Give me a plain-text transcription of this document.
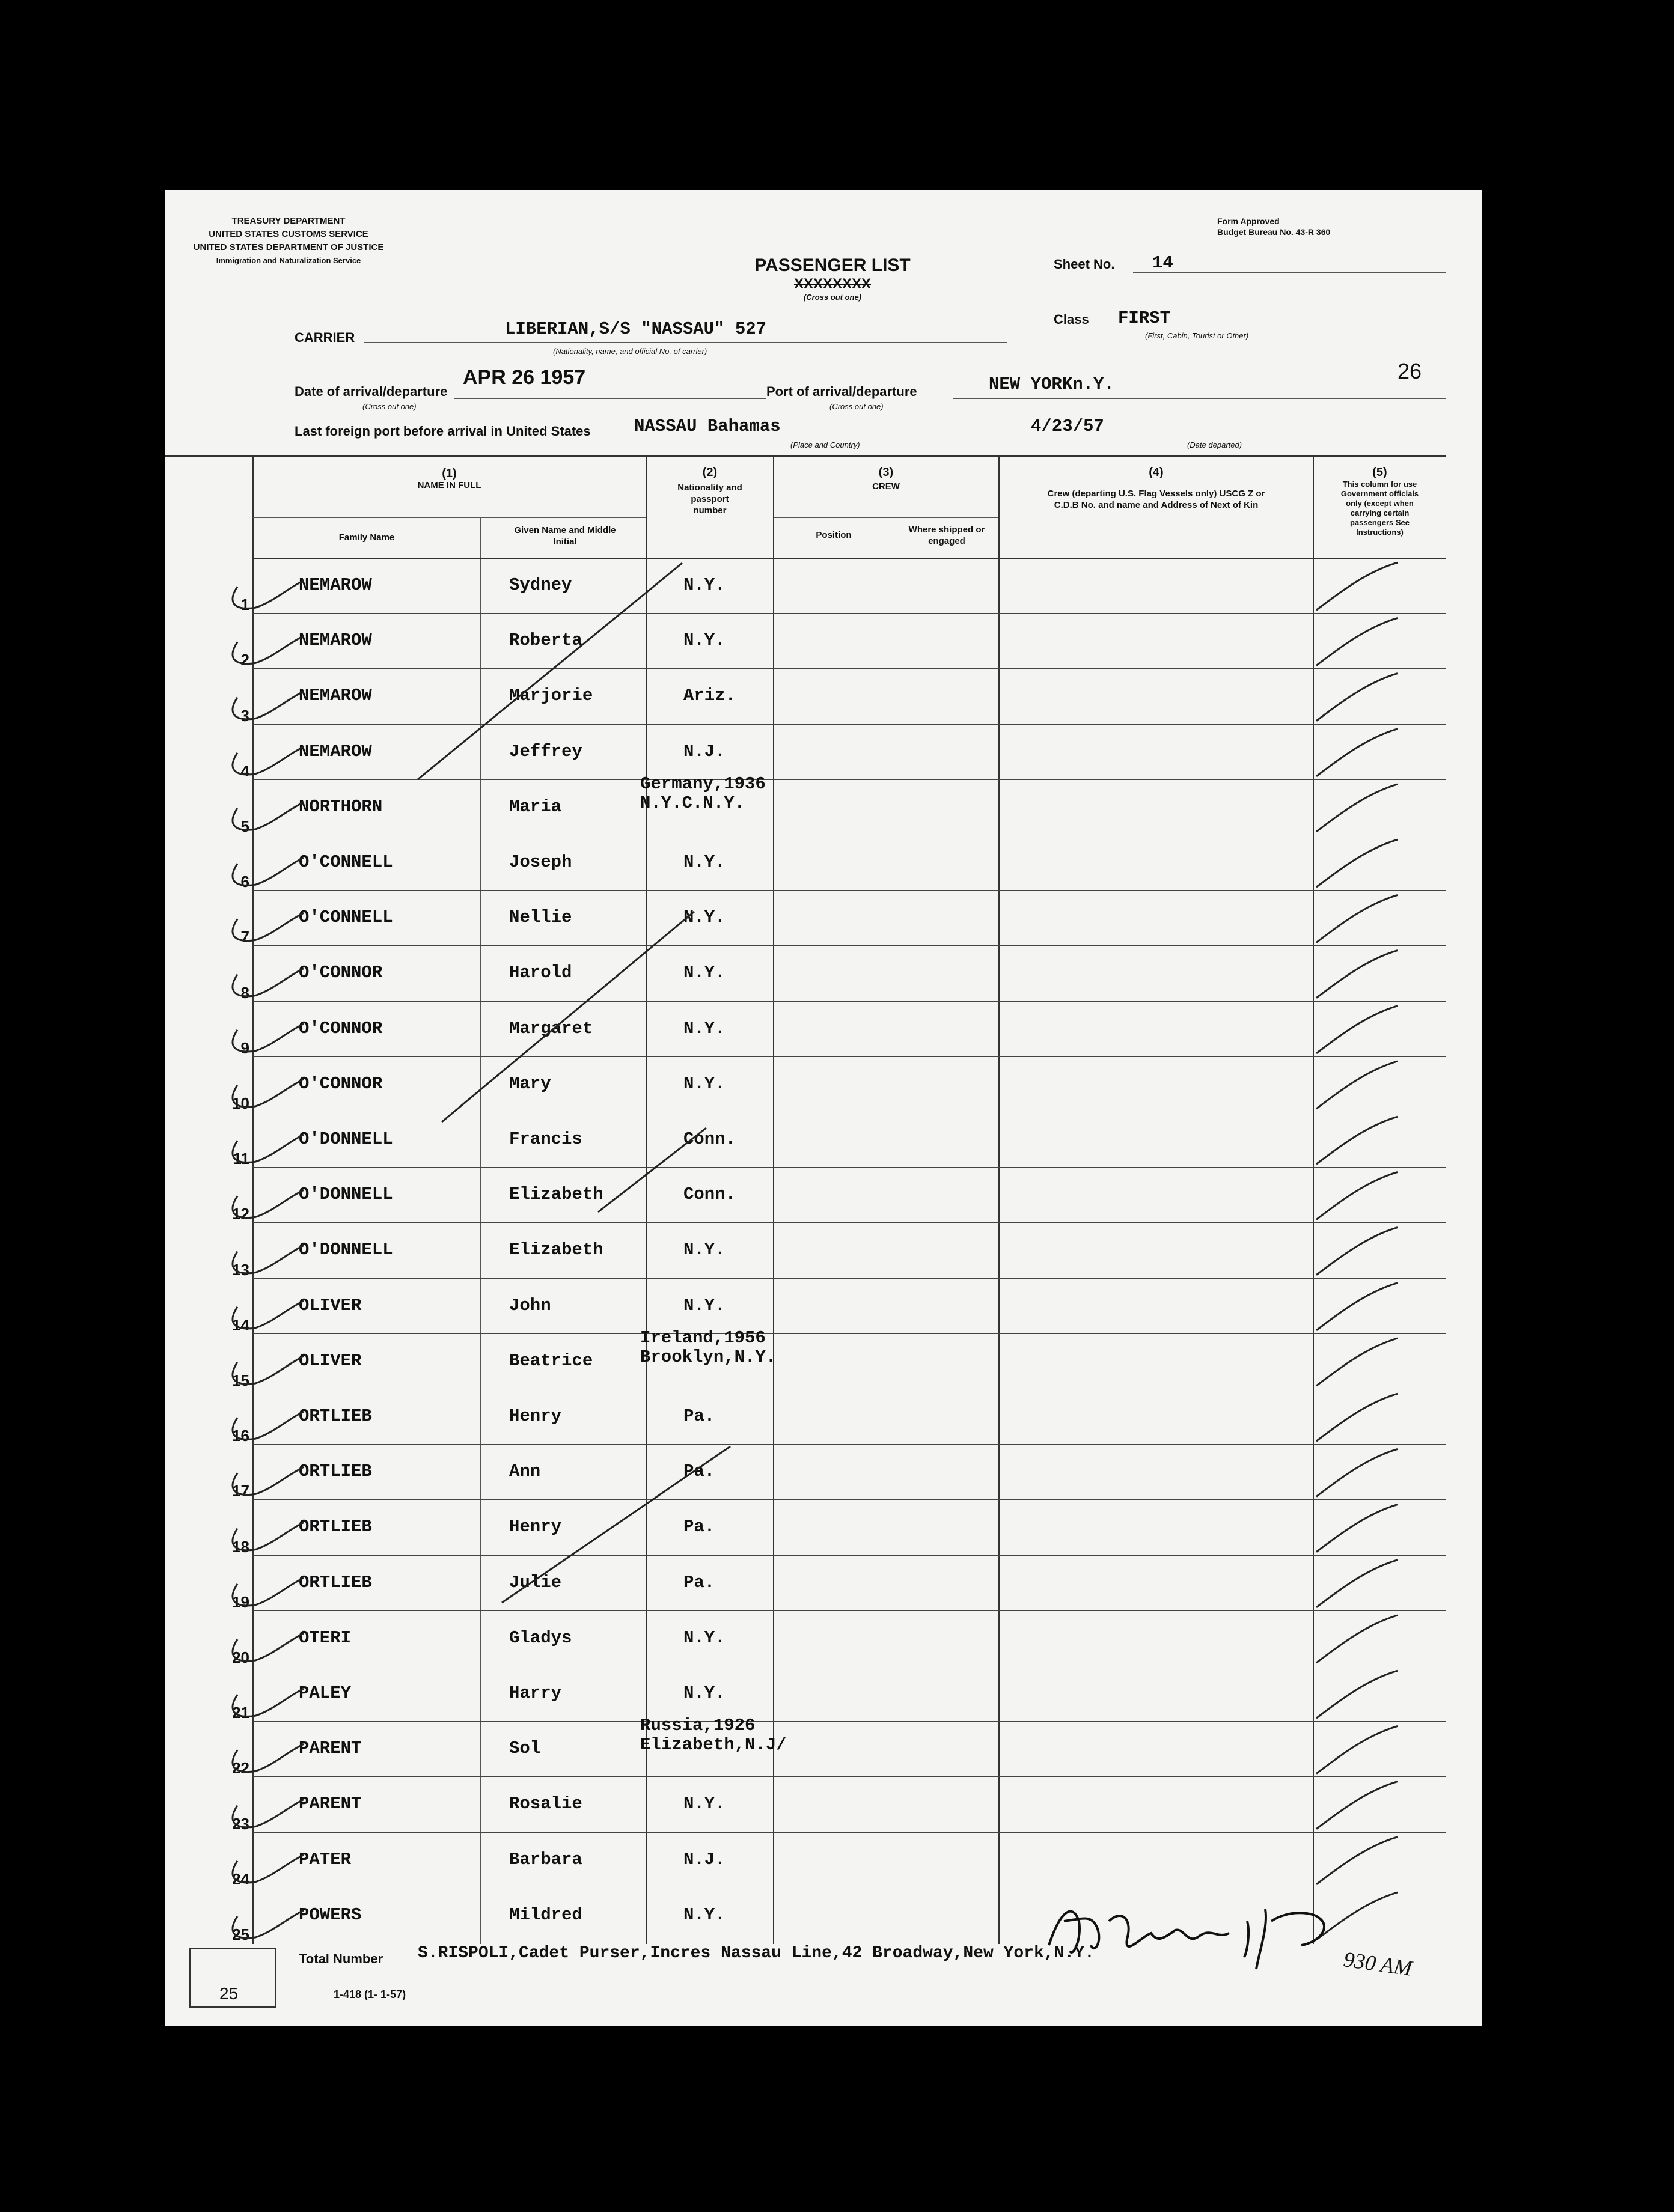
TREASURY DEPARTMENT
UNITED STATES CUSTOMS SERVICE
UNITED STATES DEPARTMENT OF JUSTICE
Immigration and Naturalization Service
Form Approved
Budget Bureau No. 43-R 360
PASSENGER LIST
XXXXXXXX
(Cross out one)
Sheet No. 14
Class FIRST
(First, Cabin, Tourist or Other)
CARRIER	LIBERIAN,S/S "NASSAU" 527
(Nationality, name, and official No. of carrier)
26
Date of arrival/departure
APR 26 1957
(Cross out one)
Port of arrival/departure	NEW YORKn.Y.
(Cross out one)
Last foreign port before arrival in United States NASSAU Bahamas
(Place and Country)
4/23/57
(Date departed)
(1)
NAME IN FULL
Family Name
Given Name and Middle Initial
(2)
Nationality and passport number
(3)
CREW
Position
Where shipped or engaged
(4)
Crew (departing U.S. Flag Vessels only) USCG Z or C.D.B No. and name and Address of Next of Kin
(5)
This column for use Government officials only (except when carrying certain passengers See Instructions)
1
NEMAROW	Sydney	N.Y.
2
NEMAROW	Roberta	N.Y.
3
NEMAROW	Marjorie	Ariz.
4
NEMAROW	Jeffrey	N.J.
5
NORTHORN	Maria
Germany,1936
N.Y.C.N.Y.
6
O'CONNELL	Joseph	N.Y.
7
O'CONNELL	Nellie	N.Y.
8
O'CONNOR	Harold	N.Y.
9
O'CONNOR	Margaret	N.Y.
10
O'CONNOR	Mary	N.Y.
11
O'DONNELL	Francis	Conn.
12
O'DONNELL	Elizabeth	Conn.
13
O'DONNELL	Elizabeth	N.Y.
14
OLIVER	John	N.Y.
15
OLIVER	Beatrice
Ireland,1956
Brooklyn,N.Y.
16
ORTLIEB	Henry	Pa.
17
ORTLIEB	Ann	Pa.
18
ORTLIEB	Henry	Pa.
19
ORTLIEB	Julie	Pa.
20
OTERI	Gladys	N.Y.
21
PALEY	Harry	N.Y.
22
PARENT	Sol
Russia,1926
Elizabeth,N.J/
23
PARENT	Rosalie	N.Y.
24
PATER	Barbara	N.J.
25
POWERS	Mildred	N.Y.
25
Total Number S.RISPOLI,Cadet Purser,Incres Nassau Line,42 Broadway,New York,N.Y.
1-418 (1- 1-57)
930 AM
